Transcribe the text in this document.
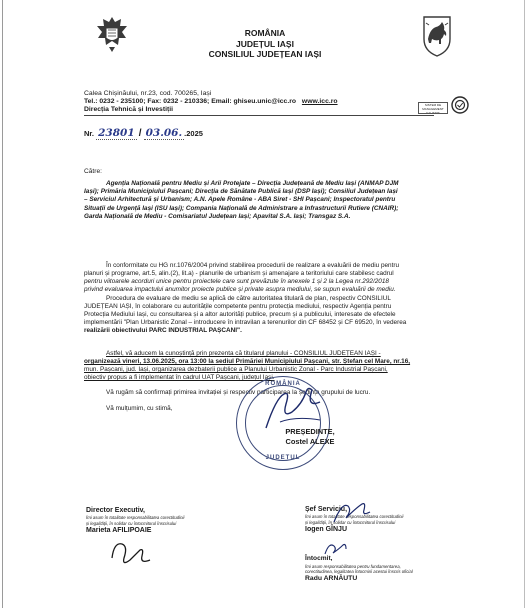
ROMÂNIA
JUDEȚUL IAȘI
CONSILIUL JUDEȚEAN IAȘI
Calea Chișinăului, nr.23, cod. 700265, Iași
Tel.: 0232 - 235100; Fax: 0232 - 210336; Email: ghiseu.unic@icc.ro www.icc.ro
Direcția Tehnică și Investiții
SISTEM DE MANAGEMENT CALITATE
Nr. 23801 / 03.06. .2025
Către:
Agenția Națională pentru Mediu și Arii Protejate – Direcția Județeană de Mediu Iași (ANMAP DJM
Iași); Primăria Municipiului Pașcani; Direcția de Sănătate Publică Iași (DSP Iași); Consiliul Județean Iași
– Serviciul Arhitectură și Urbanism; A.N. Apele Române - ABA Siret - SHI Pașcani; Inspectoratul pentru
Situații de Urgență Iași (ISU Iași); Compania Națională de Administrare a Infrastructurii Rutiere (CNAIR);
Garda Națională de Mediu - Comisariatul Județean Iași; Apavital S.A. Iași; Transgaz S.A.
În conformitate cu HG nr.1076/2004 privind stabilirea procedurii de realizare a evaluării de mediu pentru
planuri și programe, art.5, alin.(2), lit.a) - planurile de urbanism și amenajare a teritoriului care stabilesc cadrul
pentru viitoarele acorduri unice pentru proiectele care sunt prevăzute în anexele 1 și 2 la Legea nr.292/2018
privind evaluarea impactului anumitor proiecte publice și private asupra mediului, se supun evaluării de mediu.
Procedura de evaluare de mediu se aplică de către autoritatea titulară de plan, respectiv CONSILIUL
JUDEȚEAN IAȘI, în colaborare cu autoritățile competente pentru protecția mediului, respectiv Agenția pentru
Protecția Mediului Iași, cu consultarea și a altor autorități publice, precum și a publicului, interesate de efectele
implementării "Plan Urbanistic Zonal – introducere în intravilan a terenurilor din CF 68452 și CF 69520, în vederea
realizării obiectivului PARC INDUSTRIAL PAȘCANI".
Astfel, vă aducem la cunoștință prin prezenta că titularul planului - CONSILIUL JUDEȚEAN IAȘI -
organizează vineri, 13.06.2025, ora 13:00 la sediul Primăriei Municipiului Pașcani, str. Ștefan cel Mare, nr.16,
mun. Pașcani, jud. Iași, organizarea dezbaterii publice a Planului Urbanistic Zonal - Parc Industrial Pașcani,
obiectiv propus a fi implementat în cadrul UAT Pașcani, județul Iași.
Vă rugăm să confirmați primirea invitației și respectiv participarea la ședința grupului de lucru.
Vă mulțumim, cu stimă,
ROMÂNIA
JUDEȚUL
PREȘEDINTE,
Costel ALEXE
Director Executiv,
Îmi asum în totalitate responsabilitatea corectitudinii
și legalității, în solidar cu întocmitorul înscrisului
Marieta AFILIPOAIE
Șef Serviciu,
Îmi asum în totalitate responsabilitatea corectitudinii
și legalității, în solidar cu întocmitorul înscrisului
Iogen GÎNJU
Întocmit,
Îmi asum responsabilitatea pentru fundamentarea,
corectitudinea, legalitatea întocmirii acestui înscris oficial
Radu ARNĂUTU
